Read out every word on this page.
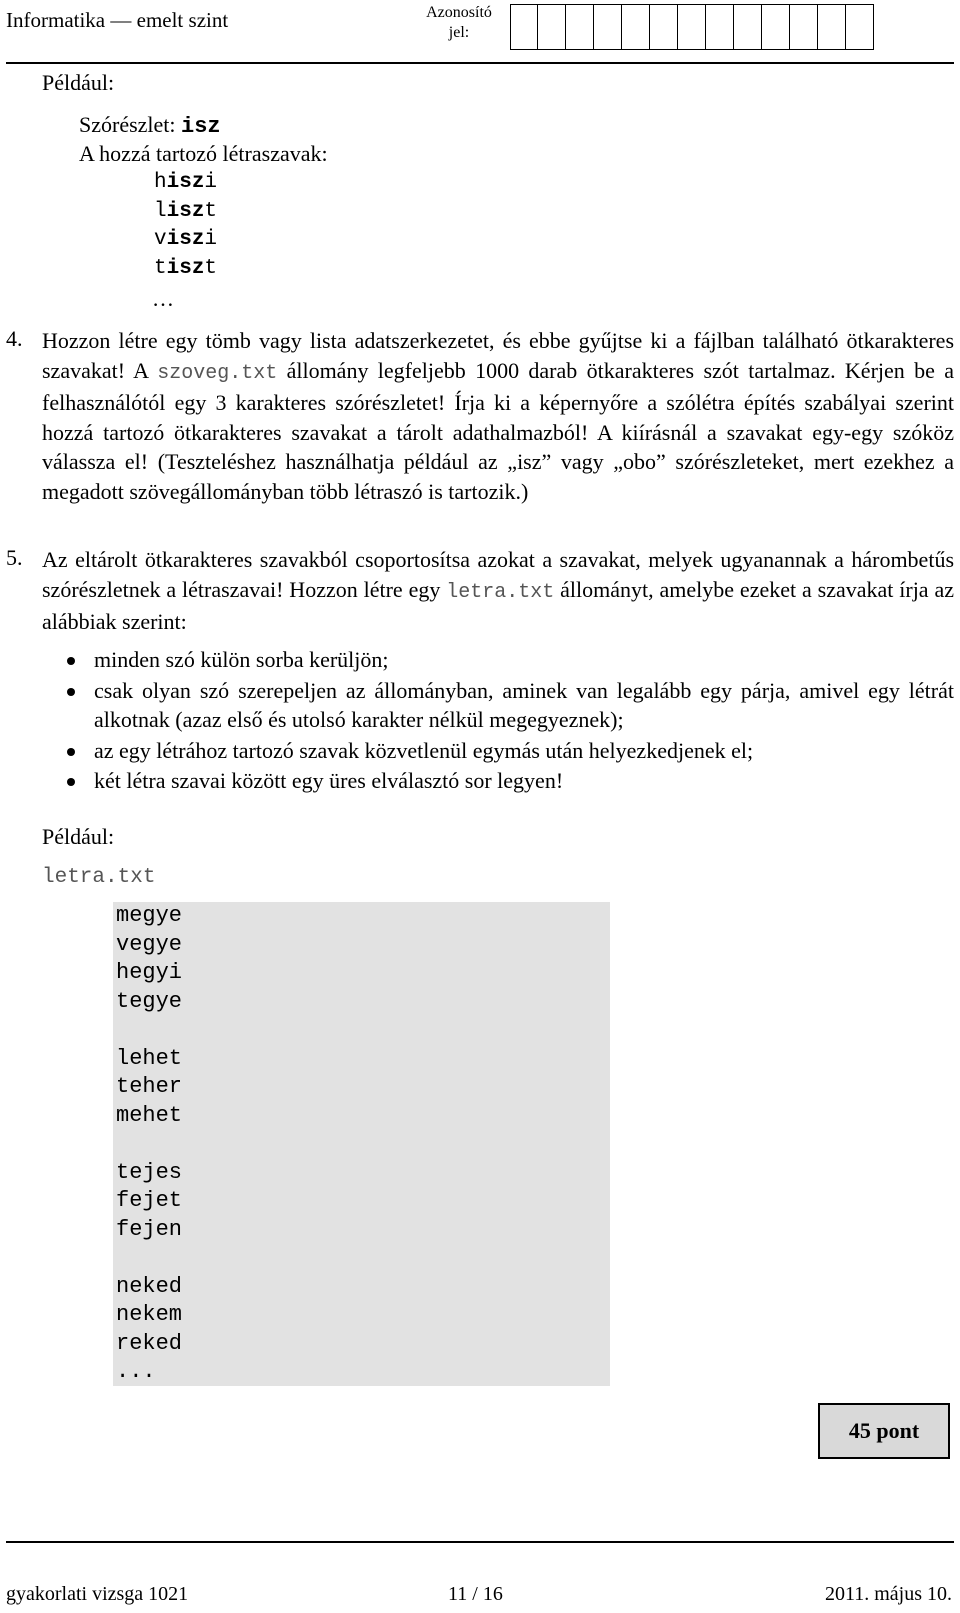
Informatika — emelt szint	Azonosító jel:
Például:
Szórészlet: isz
A hozzá tartozó létraszavak:
hiszi
liszt
viszi
tiszt
…
4. Hozzon létre egy tömb vagy lista adatszerkezetet, és ebbe gyűjtse ki a fájlban található ötkarakteres szavakat! A szoveg.txt állomány legfeljebb 1000 darab ötkarakteres szót tartalmaz. Kérjen be a felhasználótól egy 3 karakteres szórészletet! Írja ki a képernyőre a szólétra építés szabályai szerint hozzá tartozó ötkarakteres szavakat a tárolt adathalmazból! A kiírásnál a szavakat egy-egy szóköz válassza el! (Teszteléshez használhatja például az „isz” vagy „obo” szórészleteket, mert ezekhez a megadott szövegállományban több létraszó is tartozik.)
5. Az eltárolt ötkarakteres szavakból csoportosítsa azokat a szavakat, melyek ugyanannak a hárombetűs szórészletnek a létraszavai! Hozzon létre egy letra.txt állományt, amelybe ezeket a szavakat írja az alábbiak szerint:
minden szó külön sorba kerüljön;
csak olyan szó szerepeljen az állományban, aminek van legalább egy párja, amivel egy létrát alkotnak (azaz első és utolsó karakter nélkül megegyeznek);
az egy létrához tartozó szavak közvetlenül egymás után helyezkedjenek el;
két létra szavai között egy üres elválasztó sor legyen!
Például:
letra.txt
megye
vegye
hegyi
tegye

lehet
teher
mehet

tejes
fejet
fejen

neked
nekem
reked
...
45 pont
gyakorlati vizsga 1021	11 / 16	2011. május 10.
